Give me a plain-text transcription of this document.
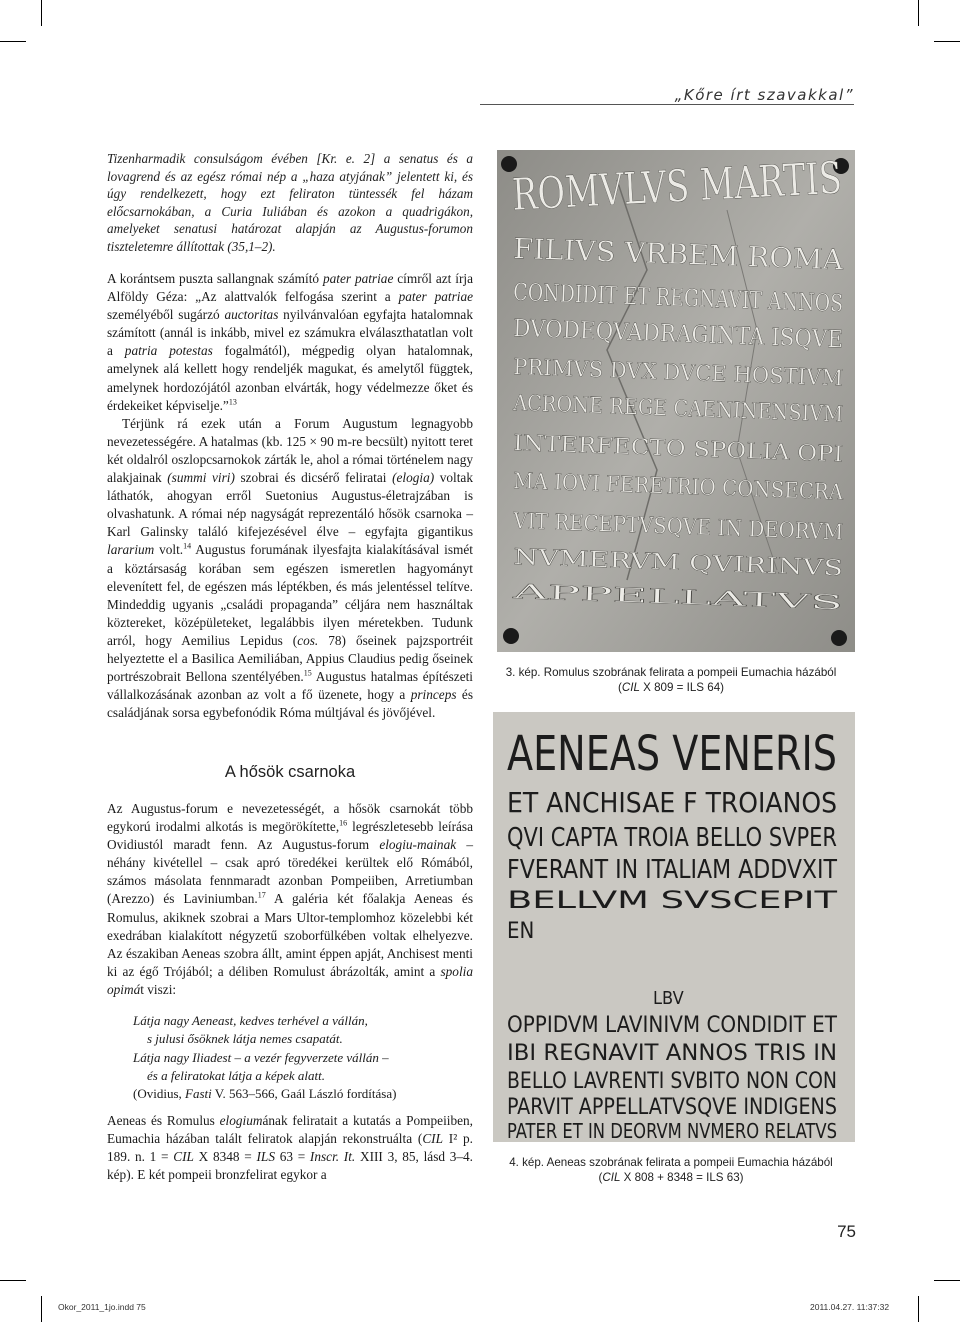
„Kőre írt szavakkal”
Tizenharmadik consulságom évében [Kr. e. 2] a senatus és a lovagrend és az egész római nép a „haza atyjának” jelentett ki, és úgy rendelkezett, hogy ezt feliraton tüntessék fel házam előcsarnokában, a Curia Iuliában és azokon a quadrigákon, amelyeket senatusi határozat alapján az Augustus-forumon tiszteletemre állítottak (35,1–2).

A korántsem puszta sallangnak számító pater patriae címről azt írja Alföldy Géza: „Az alattvalók felfogása szerint a pater patriae személyéből sugárzó auctoritas nyilvánvalóan egyfajta hatalomnak számított (annál is inkább, mivel ez számukra elválaszthatatlan volt a patria potestas fogalmától), mégpedig olyan hatalomnak, amelynek alá kellett hogy rendeljék magukat, és amelytől függtek, amelynek hordozójától azonban elvárták, hogy védelmezze őket és érdekeiket képviselje.”$^{13}$

Térjünk rá ezek után a Forum Augustum legnagyobb nevezetességére. A hatalmas (kb. 125 × 90 m-re becsült) nyitott teret két oldalról oszlopcsarnokok zárták le, ahol a római történelem nagy alakjainak (summi viri) szobrai és dicsérő feliratai (elogia) voltak láthatók, ahogyan erről Suetonius Augustus-életrajzában is olvashatunk. A római nép nagyságát reprezentáló hősök csarnoka – Karl Galinsky találó kifejezésével élve – egyfajta gigantikus lararium volt.$^{14}$ Augustus forumának ilyesfajta kialakításával ismét a köztársaság korában sem egészen ismeretlen hagyományt elevenített fel, de egészen más léptékben, és más jelentéssel telítve. Mindeddig ugyanis „családi propaganda” céljára nem használtak köztereket, középületeket, legalábbis ilyen méretekben. Tudunk arról, hogy Aemilius Lepidus (cos. 78) őseinek pajzsportréit helyeztette el a Basilica Aemiliában, Appius Claudius pedig őseinek portrészobrait Bellona szentélyében.$^{15}$ Augustus hatalmas építészeti vállalkozásának azonban az volt a fő üzenete, hogy a princeps és családjának sorsa egybefonódik Róma múltjával és jövőjével.

A hősök csarnoka

Az Augustus-forum e nevezetességét, a hősök csarnokát több egykorú irodalmi alkotás is megörökítette,$^{16}$ legrészletesebb leírása Ovidiustól maradt fenn. Az Augustus-forum elogiu-mainak – néhány kivétellel – csak apró töredékei kerültek elő Rómából, számos másolata fennmaradt azonban Pompeiiben, Arretiumban (Arezzo) és Laviniumban.$^{17}$ A galéria két főalakja Aeneas és Romulus, akiknek szobrai a Mars Ultor-templomhoz közelebbi két exedrában kialakított négyzetű szoborfülkében voltak elhelyezve. Az északiban Aeneas szobra állt, amint éppen apját, Anchisest menti ki az égő Trójából; a déliben Romulust ábrázolták, amint a spolia opimát viszi:

Látja nagy Aeneast, kedves terhével a vállán,
s julusi ősöknek látja nemes csapatát.
Látja nagy Iliadest – a vezér fegyverzete vállán –
és a feliratokat látja a képek alatt.
(Ovidius, Fasti V. 563–566, Gaál László fordítása)

Aeneas és Romulus elogiumának feliratait a kutatás a Pompeiiben, Eumachia házában talált feliratok alapján rekonstruálta (CIL I² p. 189. n. 1 = CIL X 8348 = ILS 63 = Inscr. It. XIII 3, 85, lásd 3–4. kép). E két pompeii bronzfelirat egykor a

ROMVLVS MARTIS
FILIVS VRBEM ROMA
CONDIDIT ET REGNAVIT ANNOS
DVODEQVADRAGINTA ISQVE
PRIMVS DVX DVCE HOSTIVM
ACRONE REGE CAENINENSIVM
INTERFECTO SPOLIA OPI
MA IOVI FERETRIO CONSECRA
VIT RECEPTVSQVE IN DEORVM
NVMERVM QVIRINVS
APPELLATVS
3. kép. Romulus szobrának felirata a pompeii Eumachia házából
(CIL X 809 = ILS 64)
AENEAS VENERIS
ET ANCHISAE F TROIANOS
QVI CAPTA TROIA BELLO SVPER
FVERANT IN ITALIAM ADDVXIT
BELLVM SVSCEPIT
EN
LBV
OPPIDVM LAVINIVM CONDIDIT ET
IBI REGNAVIT ANNOS TRIS IN
BELLO LAVRENTI SVBITO NON CON
PARVIT APPELLATVSQVE INDIGENS
PATER ET IN DEORVM NVMERO RELATVS
4. kép. Aeneas szobrának felirata a pompeii Eumachia házából
(CIL X 808 + 8348 = ILS 63)
75
Okor_2011_1jo.indd 75	2011.04.27. 11:37:32
